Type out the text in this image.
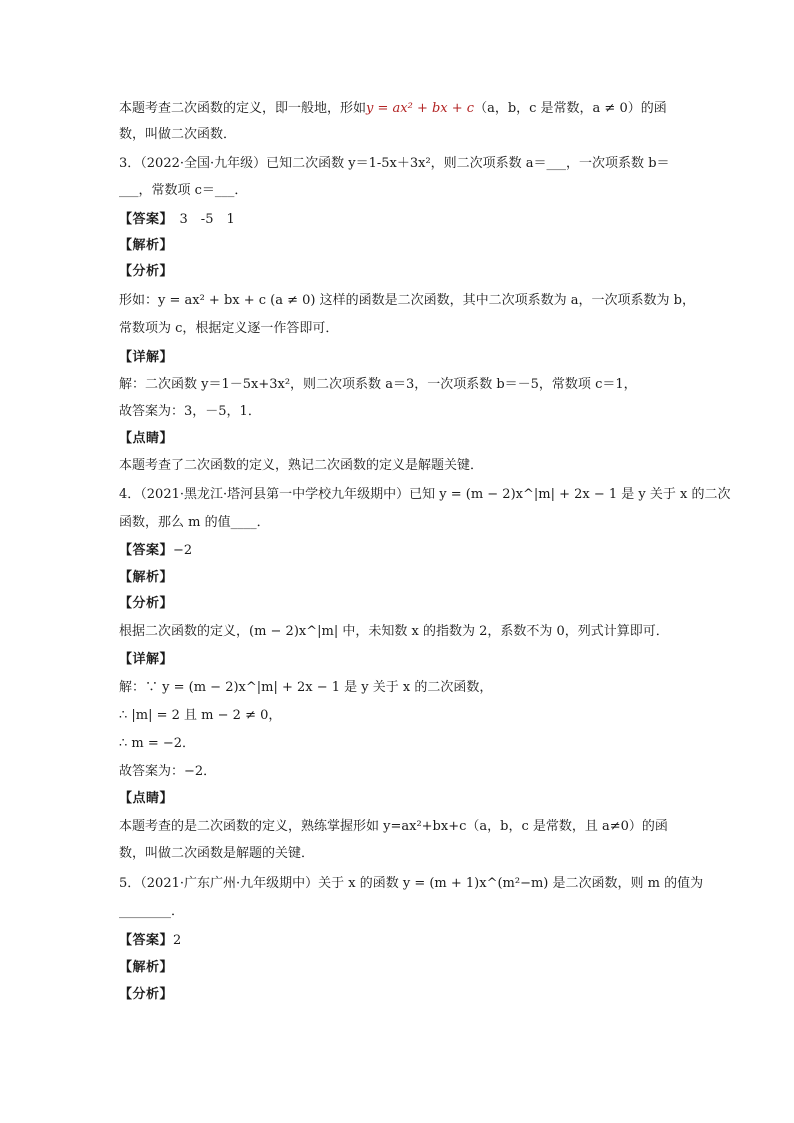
本题考查二次函数的定义，即一般地，形如y = ax² + bx + c（a，b，c 是常数，a ≠ 0）的函
数，叫做二次函数．
3．（2022·全国·九年级）已知二次函数 y＝1-5x＋3x²，则二次项系数 a＝___，一次项系数 b＝
___，常数项 c＝___．
【答案】　 3　-5　1
【解析】
【分析】
形如：y = ax² + bx + c (a ≠ 0) 这样的函数是二次函数，其中二次项系数为 a，一次项系数为 b，
常数项为 c，根据定义逐一作答即可．
【详解】
解：二次函数 y＝1－5x+3x²，则二次项系数 a＝3，一次项系数 b＝－5，常数项 c＝1，
故答案为：3，－5，1．
【点睛】
本题考查了二次函数的定义，熟记二次函数的定义是解题关键．
4．（2021·黑龙江·塔河县第一中学校九年级期中）已知 y = (m − 2)x^|m| + 2x − 1 是 y 关于 x 的二次
函数，那么 m 的值____．
【答案】−2
【解析】
【分析】
根据二次函数的定义，(m − 2)x^|m| 中，未知数 x 的指数为 2，系数不为 0，列式计算即可．
【详解】
解：∵ y = (m − 2)x^|m| + 2x − 1 是 y 关于 x 的二次函数，
∴ |m| = 2 且 m − 2 ≠ 0，
∴ m = −2．
故答案为：−2．
【点睛】
本题考查的是二次函数的定义，熟练掌握形如 y=ax²+bx+c（a，b，c 是常数，且 a≠0）的函
数，叫做二次函数是解题的关键．
5．（2021·广东广州·九年级期中）关于 x 的函数 y = (m + 1)x^(m²−m) 是二次函数，则 m 的值为
________．
【答案】2
【解析】
【分析】
